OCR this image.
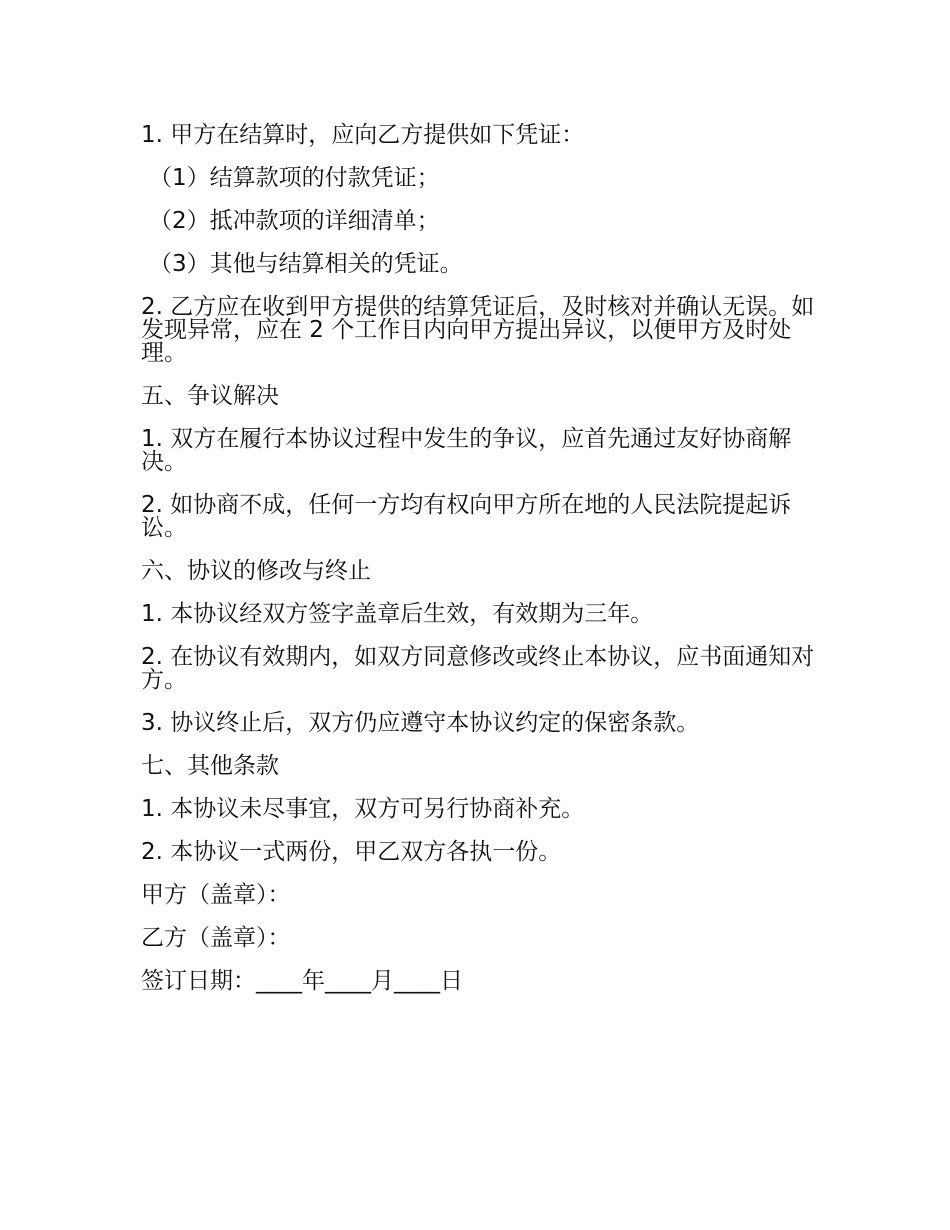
1. 甲方在结算时，应向乙方提供如下凭证：

（1）结算款项的付款凭证；

（2）抵冲款项的详细清单；

（3）其他与结算相关的凭证。

2. 乙方应在收到甲方提供的结算凭证后，及时核对并确认无误。如发现异常，应在 2 个工作日内向甲方提出异议，以便甲方及时处理。

五、争议解决

1. 双方在履行本协议过程中发生的争议，应首先通过友好协商解决。

2. 如协商不成，任何一方均有权向甲方所在地的人民法院提起诉讼。

六、协议的修改与终止

1. 本协议经双方签字盖章后生效，有效期为三年。

2. 在协议有效期内，如双方同意修改或终止本协议，应书面通知对方。

3. 协议终止后，双方仍应遵守本协议约定的保密条款。

七、其他条款

1. 本协议未尽事宜，双方可另行协商补充。

2. 本协议一式两份，甲乙双方各执一份。

甲方（盖章）：

乙方（盖章）：

签订日期：____年____月____日
